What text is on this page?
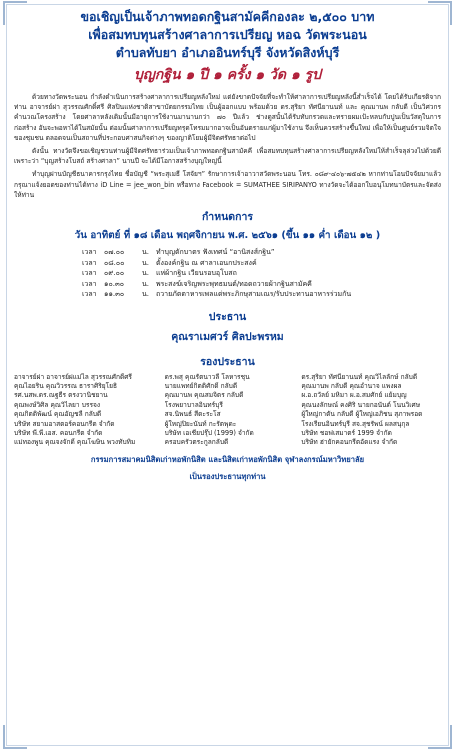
ขอเชิญเป็นเจ้าภาพทอดกฐินสามัคคีกองละ ๒,๕๐๐ บาท

เพื่อสมทบทุนสร้างศาลาการเปรียญ หอฉ วัดพระนอน

ตำบลทับยา อำเภออินทร์บุรี จังหวัดสิงห์บุรี

บุญกฐิน ๑ ปี ๑ ครั้ง ๑ วัด ๑ รูป

ด้วยทางวัดพระนอน กำลังดำเนินการสร้างศาลาการเปรียญหลังใหม่ แต่ยังขาดปัจจัยที่จะทำให้ศาลาการเปรียญหลังนี้สำเร็จได้ โดยได้รับเกียรติจากท่าน อาจารย์ผ่า สุวรรณศักดิ์ศรี ศิลปินแห่งชาติสาขาบัตยกรรมไทย เป็นผู้ออกแบบ พร้อมด้วย ดร.สุริยา ทัศนียานนท์ และ คุณมานพ กลับดี เป็นวิศวกรคำนวณโครงสร้าง โดยศาลาหลังเดิมนั้นมีอายุการใช้งานมานานกว่า ๗๐ ปีแล้ว ช่างดูสนั้นได้รับทับกรวดและทรายผมเป้ะหลบกับปูนเป็นวัสดุในการก่อสร้าง อันจะพอหาได้ในสมัยนั้น ต่อมนั้นศาลาการเปรียญทรุดโทรมมากอาจเป็นอันตรายแก่ผู้มาใช้งาน จึงเห็นควรสร้างขึ้นใหม่ เพื่อให้เป็นศูนย์รวมจิตใจของชุมชน ตลอดจนเป็นสถานที่ประกอบศาสนกิจต่างๆ ของญาติโยมผู้มีจิตศรัทธาต่อไป

ดังนั้น ทางวัดจึงขอเชิญชวนท่านผู้มีจิตศรัทธาร่วมเป็นเจ้าภาพทอดกฐินสามัคคี เพื่อสมทบทุนสร้างศาลาการเปรียญหลังใหม่ให้สำเร็จลุล่วงไปด้วยดี เพราะว่า “บุญสร้างโบสถ์ สร้างศาลา” นานปี จะได้มีโอกาสสร้างบุญใหญ่นี้

ทำบุญผ่านบัญชีธนาคารกรุงไทย ชื่อบัญชี “พระสุเมธี โสจัยฯ” รักษาการเจ้าอาวาสวัดพระนอน โทร. ๐๘๙-๔๐๖-๗๕๔๒ หากท่านโอนปัจจัยมาแล้ว กรุณาแจ้งยอดของท่านได้ทาง iD Line = jee_won_bin หรือทาง Facebook = SUMATHEE SIRIPANYO ทางวัดจะได้ออกใบอนุโมทนาบัตรและจัดส่งให้ท่าน

กำหนดการ
วัน อาทิตย์ ที่ ๑๘ เดือน พฤศจิกายน พ.ศ. ๒๕๖๑ (ขึ้น ๑๑ ค่ำ เดือน ๑๒ )
เวลา	๐๗.๐๐	น. ทำบุญตักบาตร ฟังเทศน์ “อานิสงส์กฐิน”
เวลา	๐๘.๐๐	น. ตั้งองค์กฐิน ณ ศาลาเอนกประสงค์
เวลา	๐๙.๐๐	น. แห่ผ้ากฐิน เวียนรอบอุโบสถ
เวลา	๑๐.๓๐	น. พระสงฆ์เจริญพระพุทธมนต์/ทอดถวายผ้ากฐินสามัคคี
เวลา	๑๑.๓๐	น. ถวายภัตตาหารเพลแด่พระภิกษุสามเณร/รับประทานอาหารร่วมกัน
ประธาน
คุณราเมศวร์ ศิลปะพรหม
รองประธาน
อาจารย์ผ่า อาจารย์ผ่แม่ไล สุวรรณศักดิ์ศรี	ดร.พสุ คุณรัตนาวลี โลหารชุน	ดร.สุริยา ทัศนียานนท์ คุณวิไลลักษ์ กลับดี
คุณไอยริน คุณวิวรรณ ธาราศิริยุโยธิ	นายแพทย์กิตติศักดิ์ กลับดี	คุณมานพ กลับดี คุณอำนาจ แพงผล
รศ.นสพ.ดร.ณฐธีร ตรงวานิชยาน	คุณมานพ คุณสมจิตร กลับดี	ผ.อ.ถวัลย์ มหิมา ผ.อ.สมศักย์ แย้มบุญ
คุณพงษ์วิศิล คุณวิไลยา บรรจง	โรงพยาบาลอินทร์บุรี	คุณนงลักษณ์ คงศิริ นายกอนันต์ โนนวิเศษ
คุณกิตติพัฒน์ คุณอัญชลี กลับดี	สจ.นิพนธ์ สีดะระโส	ผู้ใหญ่กาตัน กลับดี ผู้ใหญ่เอภิชน สุภาพรอด
บริษัท สยามอาสตอร์คอนกรีต จำกัด	ผู้ใหญ่ปิยะนันท์ กะรัตพุดะ	โรงเรียนอินทร์บุรี สจ.สุชรัพน์ ผลสนุกุล
บริษัท พี.พี.เอส. คอนกรีต จำกัด	บริษัท เอเชียปรุ๊ป (1999) จำกัด	บริษัท ชอฟเสมาตร์ 1999 จำกัด
แม่ทองพูน คุณจงจักดิ์ คุณโฆษิน พวงทับทิม	ครอบครัวตระกูลกลับดี	บริษัท ฮ่ายักคอนกรีตอัดแรง จำกัด
กรรมการสมาคมนิสิตเก่าหอพักนิสิต และนิสิตเก่าหอพักนิสิต จุฬาลงกรณ์มหาวิทยาลัย
เป็นรองประธานทุกท่าน
